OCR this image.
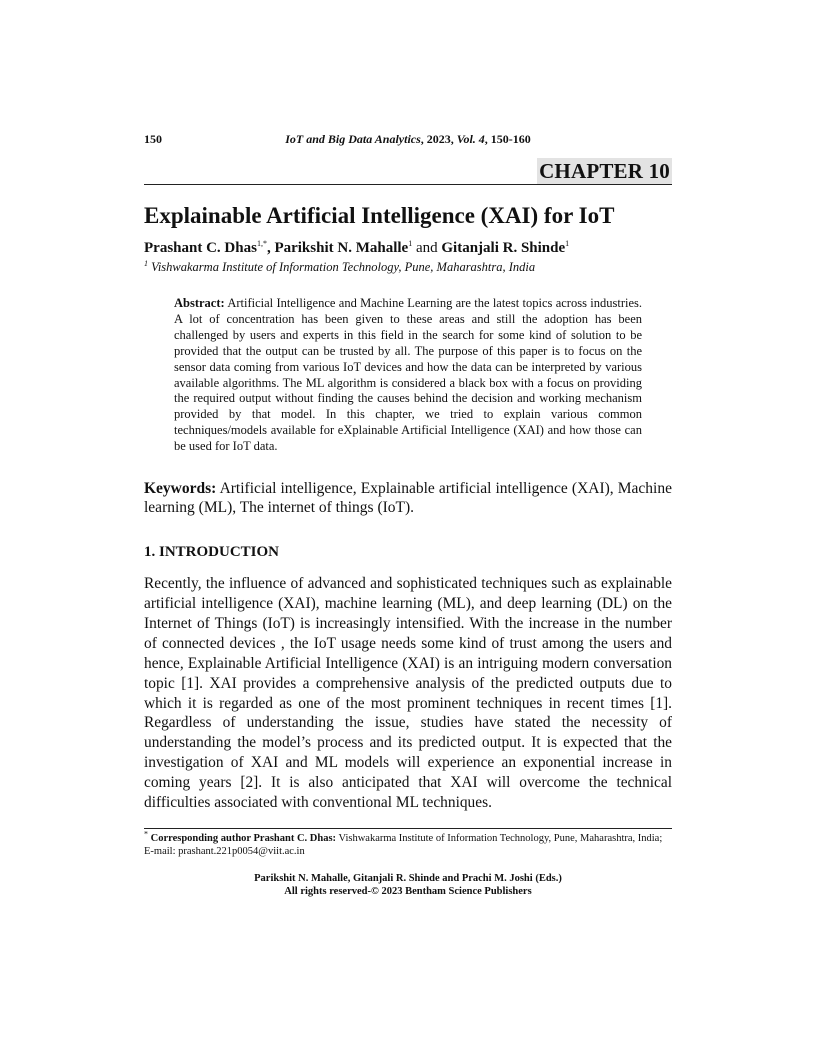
150	IoT and Big Data Analytics, 2023, Vol. 4, 150-160
CHAPTER 10
Explainable Artificial Intelligence (XAI) for IoT
Prashant C. Dhas$^{1,*}$, Parikshit N. Mahalle$^1$ and Gitanjali R. Shinde$^1$
$^1$ Vishwakarma Institute of Information Technology, Pune, Maharashtra, India
Abstract: Artificial Intelligence and Machine Learning are the latest topics across industries. A lot of concentration has been given to these areas and still the adoption has been challenged by users and experts in this field in the search for some kind of solution to be provided that the output can be trusted by all. The purpose of this paper is to focus on the sensor data coming from various IoT devices and how the data can be interpreted by various available algorithms. The ML algorithm is considered a black box with a focus on providing the required output without finding the causes behind the decision and working mechanism provided by that model. In this chapter, we tried to explain various common techniques/models available for eXplainable Artificial Intelligence (XAI) and how those can be used for IoT data.
Keywords: Artificial intelligence, Explainable artificial intelligence (XAI), Machine learning (ML), The internet of things (IoT).
1. INTRODUCTION

Recently, the influence of advanced and sophisticated techniques such as explainable artificial intelligence (XAI), machine learning (ML), and deep learning (DL) on the Internet of Things (IoT) is increasingly intensified. With the increase in the number of connected devices , the IoT usage needs some kind of trust among the users and hence, Explainable Artificial Intelligence (XAI) is an intriguing modern conversation topic [1]. XAI provides a comprehensive analysis of the predicted outputs due to which it is regarded as one of the most prominent techniques in recent times [1]. Regardless of understanding the issue, studies have stated the necessity of understanding the model’s process and its predicted output. It is expected that the investigation of XAI and ML models will experience an exponential increase in coming years [2]. It is also anticipated that XAI will overcome the technical difficulties associated with conventional ML techniques.

* Corresponding author Prashant C. Dhas: Vishwakarma Institute of Information Technology, Pune, Maharashtra, India; E-mail: prashant.221p0054@viit.ac.in
Parikshit N. Mahalle, Gitanjali R. Shinde and Prachi M. Joshi (Eds.)
All rights reserved-© 2023 Bentham Science Publishers
